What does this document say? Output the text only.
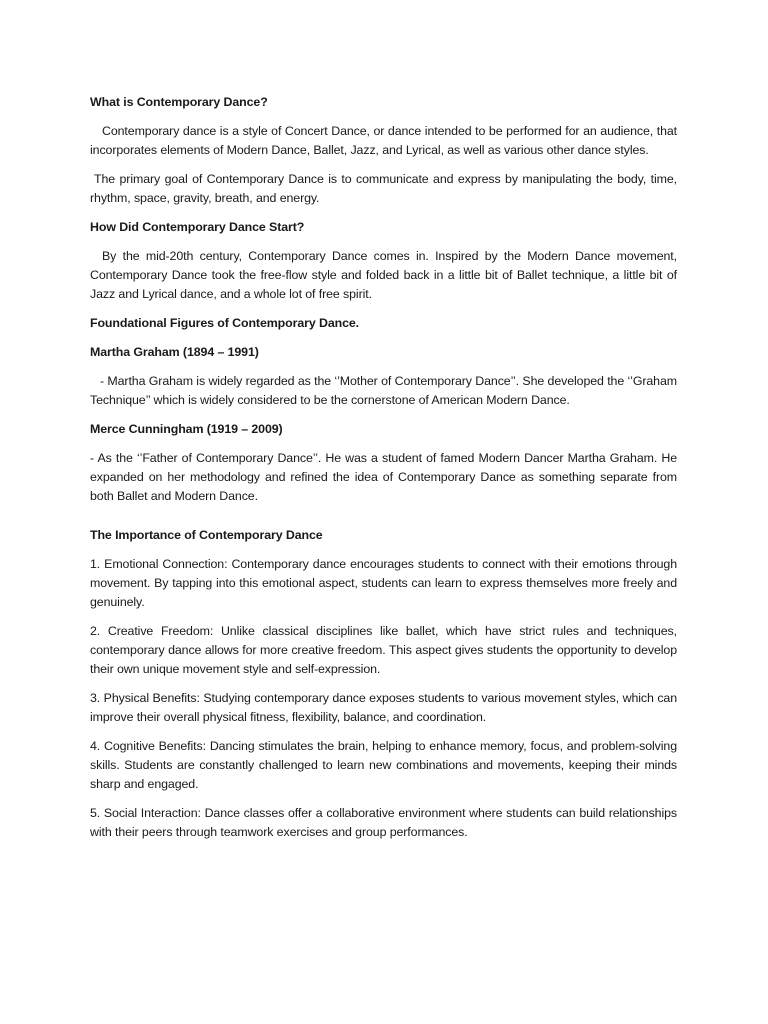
What is Contemporary Dance?

Contemporary dance is a style of Concert Dance, or dance intended to be performed for an audience, that incorporates elements of Modern Dance, Ballet, Jazz, and Lyrical, as well as various other dance styles.

The primary goal of Contemporary Dance is to communicate and express by manipulating the body, time, rhythm, space, gravity, breath, and energy.

How Did Contemporary Dance Start?

By the mid-20th century, Contemporary Dance comes in. Inspired by the Modern Dance movement, Contemporary Dance took the free-flow style and folded back in a little bit of Ballet technique, a little bit of Jazz and Lyrical dance, and a whole lot of free spirit.

Foundational Figures of Contemporary Dance.
Martha Graham (1894 – 1991)

- Martha Graham is widely regarded as the ‘’Mother of Contemporary Dance’’. She developed the ‘’Graham Technique’’ which is widely considered to be the cornerstone of American Modern Dance.

Merce Cunningham (1919 – 2009)

- As the ‘’Father of Contemporary Dance’’. He was a student of famed Modern Dancer Martha Graham. He expanded on her methodology and refined the idea of Contemporary Dance as something separate from both Ballet and Modern Dance.

The Importance of Contemporary Dance

1. Emotional Connection: Contemporary dance encourages students to connect with their emotions through movement. By tapping into this emotional aspect, students can learn to express themselves more freely and genuinely.

2. Creative Freedom: Unlike classical disciplines like ballet, which have strict rules and techniques, contemporary dance allows for more creative freedom. This aspect gives students the opportunity to develop their own unique movement style and self-expression.

3. Physical Benefits: Studying contemporary dance exposes students to various movement styles, which can improve their overall physical fitness, flexibility, balance, and coordination.

4. Cognitive Benefits: Dancing stimulates the brain, helping to enhance memory, focus, and problem-solving skills. Students are constantly challenged to learn new combinations and movements, keeping their minds sharp and engaged.

5. Social Interaction: Dance classes offer a collaborative environment where students can build relationships with their peers through teamwork exercises and group performances.
